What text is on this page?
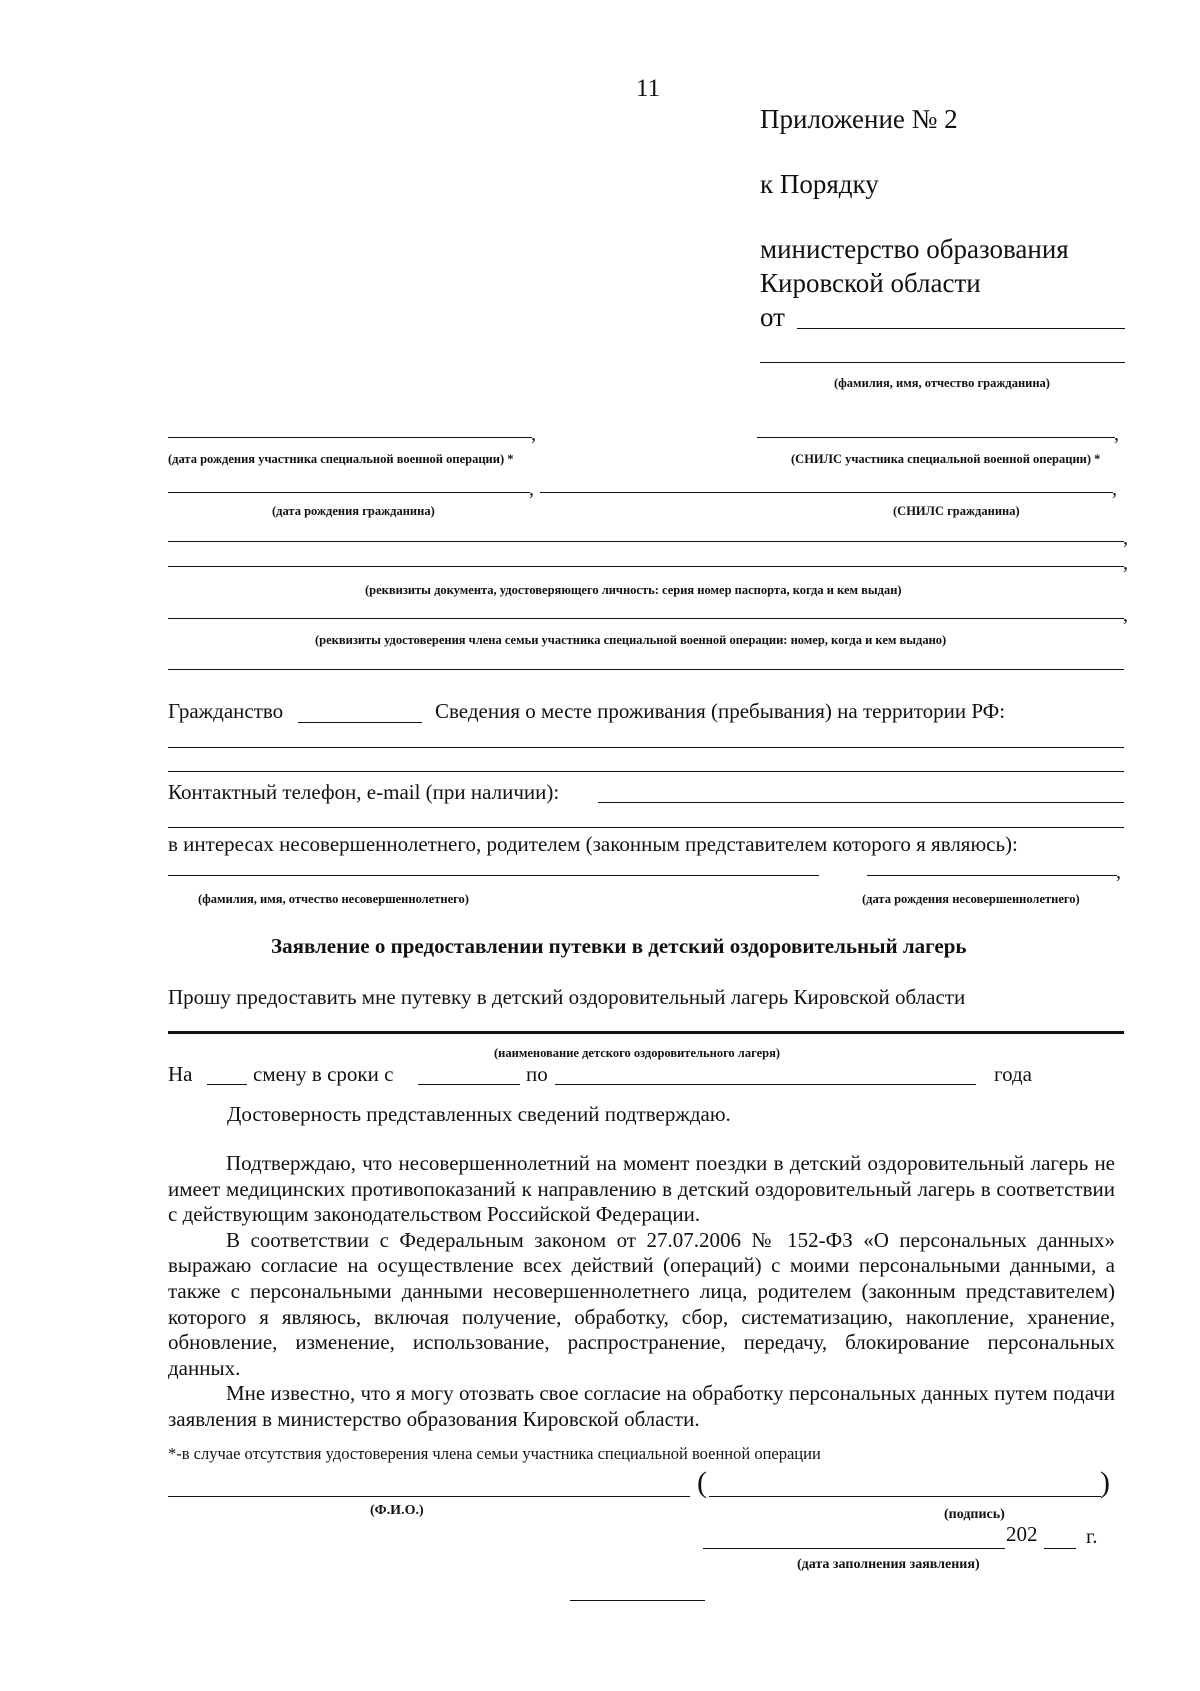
11
Приложение № 2
к Порядку
министерство образования
Кировской области
от
(фамилия, имя, отчество гражданина)
,	,
(дата рождения участника специальной военной операции) *	(СНИЛС участника специальной военной операции) *
,	,
(дата рождения гражданина)	(СНИЛС гражданина)
,
,
(реквизиты документа, удостоверяющего личность: серия номер паспорта, когда и кем выдан)
,
(реквизиты удостоверения члена семьи участника специальной военной операции: номер, когда и кем выдано)
Гражданство	Сведения о месте проживания (пребывания) на территории РФ:
Контактный телефон, e-mail (при наличии):
в интересах несовершеннолетнего, родителем (законным представителем которого я являюсь):
,
(фамилия, имя, отчество несовершеннолетнего)	(дата рождения несовершеннолетнего)
Заявление о предоставлении путевки в детский оздоровительный лагерь
Прошу предоставить мне путевку в детский оздоровительный лагерь Кировской области
(наименование детского оздоровительного лагеря)
На	смену в сроки с	по	года
Достоверность представленных сведений подтверждаю.

Подтверждаю, что несовершеннолетний на момент поездки в детский оздоровительный лагерь не имеет медицинских противопоказаний к направлению в детский оздоровительный лагерь в соответствии с действующим законодательством Российской Федерации.

В соответствии с Федеральным законом от 27.07.2006 № 152-ФЗ «О персональных данных» выражаю согласие на осуществление всех действий (операций) с моими персональными данными, а также с персональными данными несовершеннолетнего лица, родителем (законным представителем) которого я являюсь, включая получение, обработку, сбор, систематизацию, накопление, хранение, обновление, изменение, использование, распространение, передачу, блокирование персональных данных.

Мне известно, что я могу отозвать свое согласие на обработку персональных данных путем подачи заявления в министерство образования Кировской области.

*-в случае отсутствия удостоверения члена семьи участника специальной военной операции
(	)
(Ф.И.О.)	(подпись)
202 г.
(дата заполнения заявления)
